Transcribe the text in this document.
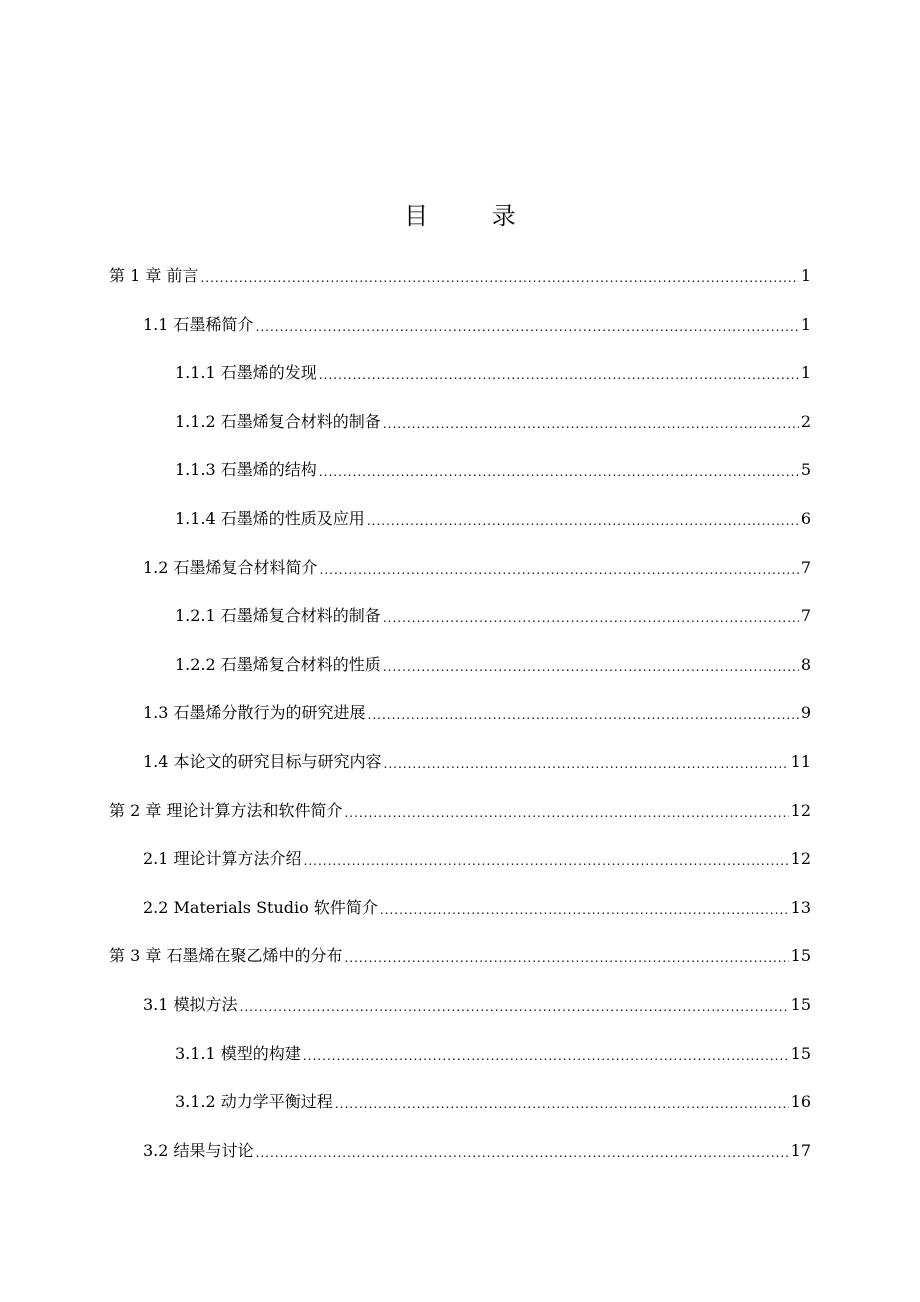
目 录
第 1 章 前言 .....	1
1.1 石墨稀简介 .....	1
1.1.1 石墨烯的发现 .....	1
1.1.2 石墨烯复合材料的制备 .....	2
1.1.3 石墨烯的结构 .....	5
1.1.4 石墨烯的性质及应用 .....	6
1.2 石墨烯复合材料简介 .....	7
1.2.1 石墨烯复合材料的制备 .....	7
1.2.2 石墨烯复合材料的性质 .....	8
1.3 石墨烯分散行为的研究进展 .....	9
1.4 本论文的研究目标与研究内容 .....	11
第 2 章 理论计算方法和软件简介 .....	12
2.1 理论计算方法介绍 .....	12
2.2 Materials Studio 软件简介 .....	13
第 3 章 石墨烯在聚乙烯中的分布 .....	15
3.1 模拟方法 .....	15
3.1.1 模型的构建 .....	15
3.1.2 动力学平衡过程 .....	16
3.2 结果与讨论 .....	17
